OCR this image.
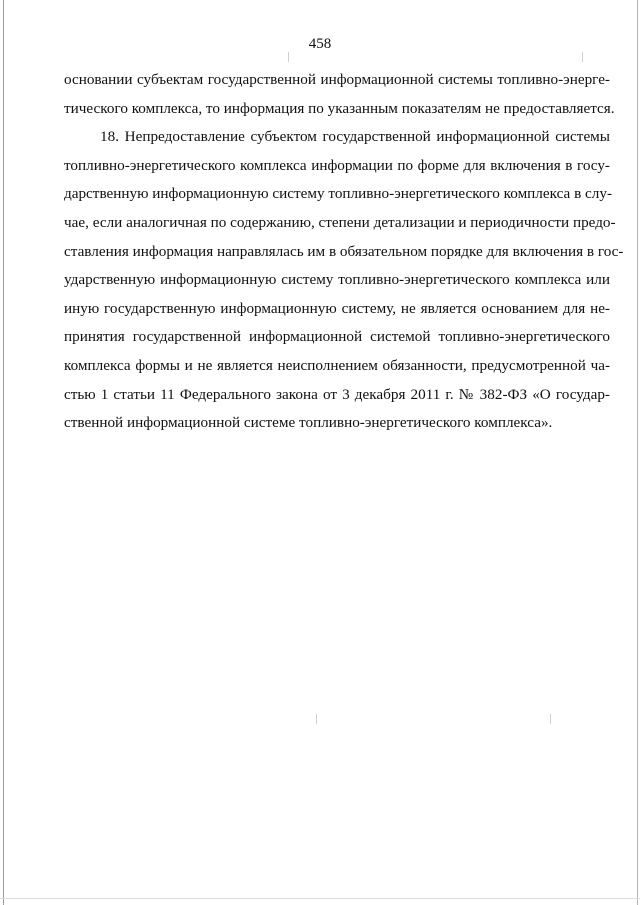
458
основании субъектам государственной информационной системы топливно-энерге-
тического комплекса, то информация по указанным показателям не предоставляется.
18. Непредоставление субъектом государственной информационной системы
топливно-энергетического комплекса информации по форме для включения в госу-
дарственную информационную систему топливно-энергетического комплекса в слу-
чае, если аналогичная по содержанию, степени детализации и периодичности предо-
ставления информация направлялась им в обязательном порядке для включения в гос-
ударственную информационную систему топливно-энергетического комплекса или
иную государственную информационную систему, не является основанием для не-
принятия государственной информационной системой топливно-энергетического
комплекса формы и не является неисполнением обязанности, предусмотренной ча-
стью 1 статьи 11 Федерального закона от 3 декабря 2011 г. № 382-ФЗ «О государ-
ственной информационной системе топливно-энергетического комплекса».
